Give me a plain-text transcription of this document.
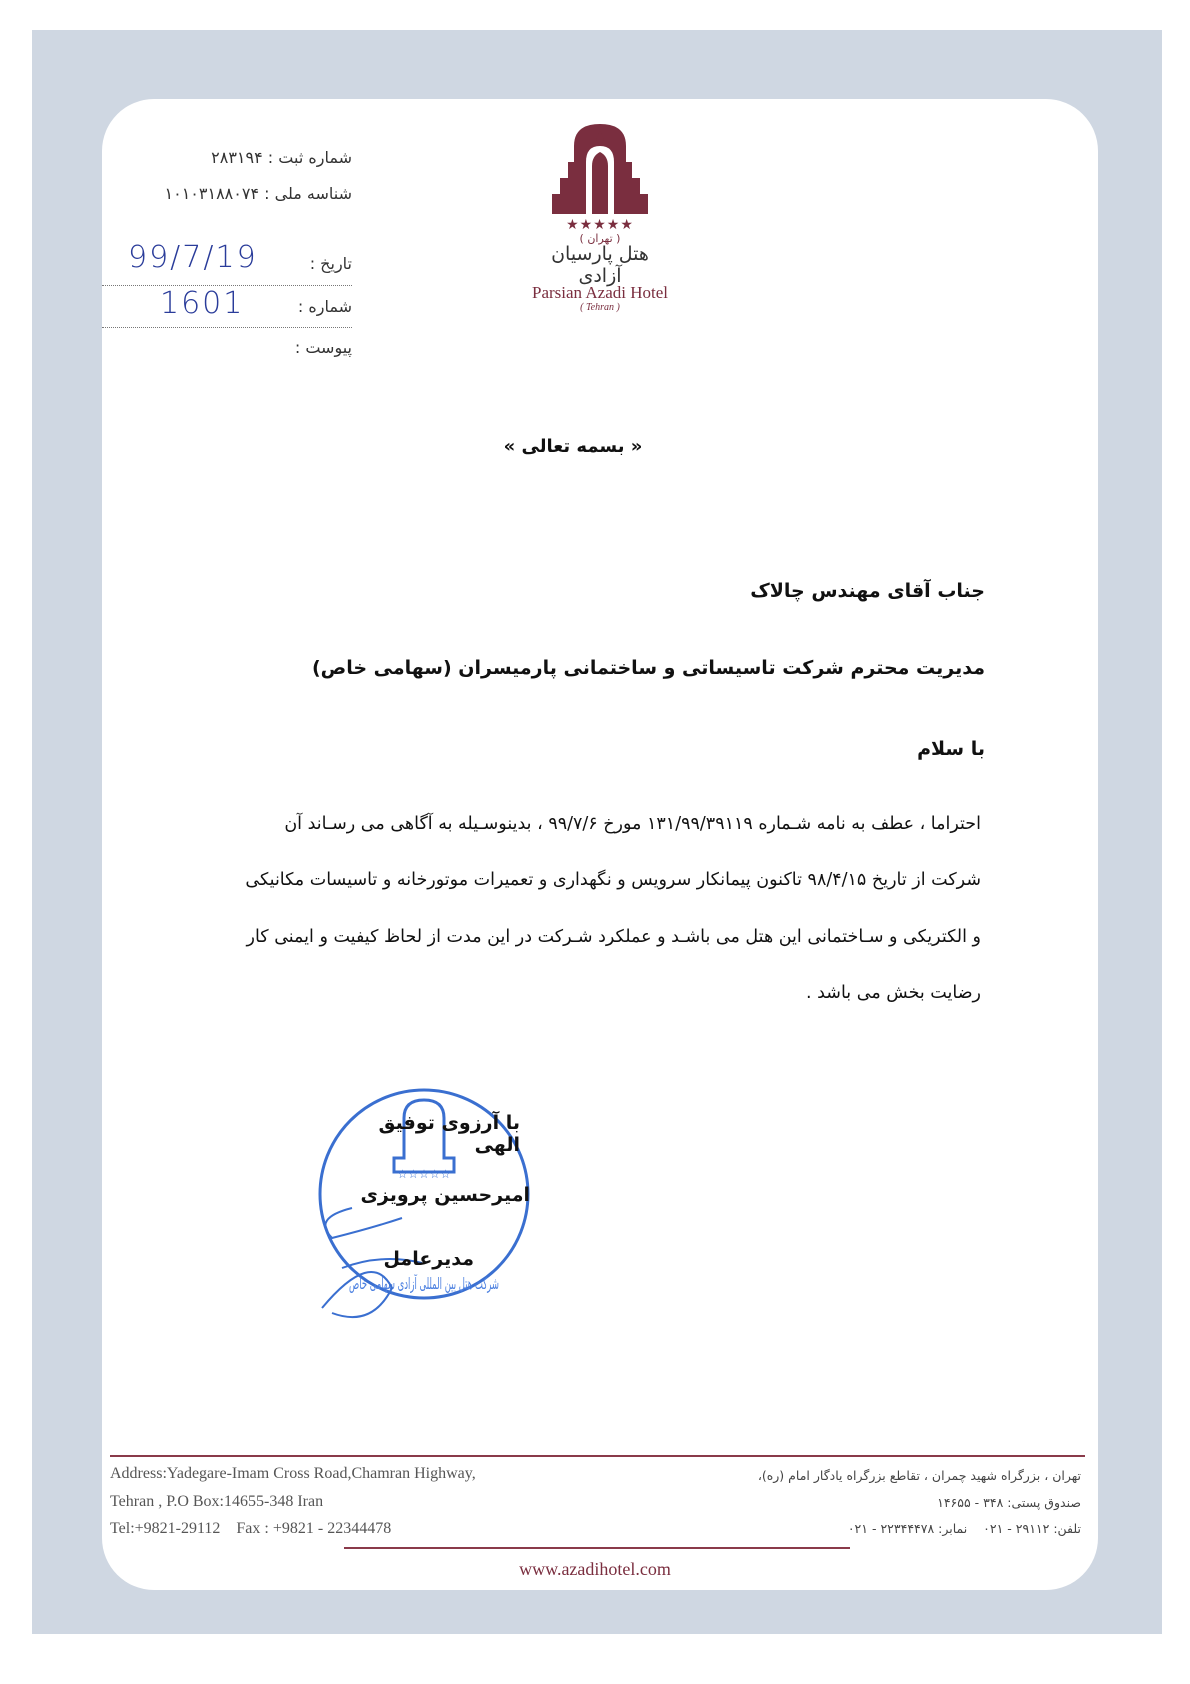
شماره ثبت : ۲۸۳۱۹۴
شناسه ملی : ۱۰۱۰۳۱۸۸۰۷۴
تاریخ :
99/7/19
شماره :
1601
پیوست :
★★★★★
( تهران )
هتل پارسیان آزادی
Parsian Azadi Hotel
( Tehran )
« بسمه تعالی »
جناب آقای مهندس چالاک
مدیریت محترم شرکت تاسیساتی و ساختمانی پارمیسران (سهامی خاص)
با سلام
احتراما ، عطف به نامه شـماره ۱۳۱/۹۹/۳۹۱۱۹ مورخ ۹۹/۷/۶ ، بدینوسـیله به آگاهی می رسـاند آن
شرکت از تاریخ ۹۸/۴/۱۵ تاکنون پیمانکار سرویس و نگهداری و تعمیرات موتورخانه و تاسیسات مکانیکی
و الکتریکی و سـاختمانی این هتل می باشـد و عملکرد شـرکت در این مدت از لحاظ کیفیت و ایمنی کار
رضایت بخش می باشد .
☆☆☆☆☆
شرکت هتل بین المللی آزادی سهامی خاص
با آرزوی توفیق الهی
امیرحسین پرویزی
مدیرعامل
Address:Yadegare-Imam Cross Road,Chamran Highway,
Tehran , P.O Box:14655-348 Iran
Tel:+9821-29112    Fax : +9821 - 22344478
تهران ، بزرگراه شهید چمران ، تقاطع بزرگراه یادگار امام (ره)،
صندوق پستی: ۳۴۸ - ۱۴۶۵۵
تلفن: ۲۹۱۱۲ - ۰۲۱    نمابر: ۲۲۳۴۴۴۷۸ - ۰۲۱
www.azadihotel.com
